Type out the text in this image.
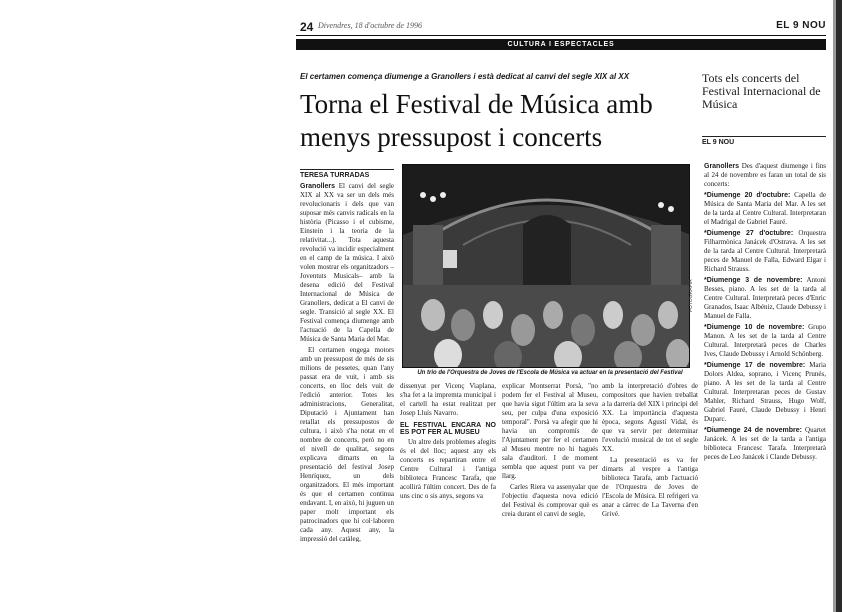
24 Divendres, 18 d'octubre de 1996	EL 9 NOU
CULTURA I ESPECTACLES
El certamen comença diumenge a Granollers i està dedicat al canvi del segle XIX al XX
Torna el Festival de Música amb
menys pressupost i concerts
Tots els concerts del Festival Internacional de Música
EL 9 NOU
TERESA TURRADAS

Granollers El canvi del segle XIX al XX va ser un dels més revolucionaris i dels que van suposar més canvis radicals en la història (Picasso i el cubisme, Einstein i la teoria de la relativitat...). Tota aquesta revolució va incidir especialment en el camp de la música. I això volen mostrar els organitzadors –Joventuts Musicals– amb la desena edició del Festival Internacional de Música de Granollers, dedicat a El canvi de segle. Transició al segle XX. El Festival comença diumenge amb l'actuació de la Capella de Música de Santa Maria del Mar.

El certamen engega motors amb un pressupost de més de sis milions de pessetes, quan l'any passat era de vuit, i amb sis concerts, en lloc dels vuit de l'edició anterior. Totes les administracions, Generalitat, Diputació i Ajuntament han retallat els pressupostos de cultura, i això s'ha notat en el nombre de concerts, però no en el nivell de qualitat, segons explicava dimarts en la presentació del festival Josep Henríquez, un dels organitzadors. El més important és que el certamen continua endavant. I, en això, hi juguen un paper molt important els patrocinadors que hi col·laboren cada any. Aquest any, la impressió del catàleg,

FOTOGRAFIA
Un trio de l'Orquestra de Joves de l'Escola de Música va actuar en la presentació del Festival

dissenyat per Vicenç Viaplana, s'ha fet a la impremta municipal i el cartell ha estat realitzat per Josep Lluís Navarro.

EL FESTIVAL ENCARA NO ES POT FER AL MUSEU

Un altre dels problemes afegits és el del lloc; aquest any els concerts es repartiran entre el Centre Cultural i l'antiga biblioteca Francesc Tarafa, que acollirà l'últim concert. Des de fa uns cinc o sis anys, segons va

explicar Montserrat Porsà, "no podem fer el Festival al Museu, que havia sigut l'últim ara la seva seu, per culpa d'una exposició temporal". Porsà va afegir que hi havia un compromís de l'Ajuntament per fer el certamen al Museu mentre no hi hagués sala d'auditori. I de moment sembla que aquest punt va per llarg.

Carles Riera va assenyalar que l'objectiu d'aquesta nova edició del Festival és comprovar què es creia durant el canvi de segle,

amb la interpretació d'obres de compositors que havien treballat a la darreria del XIX i principi del XX. La importància d'aquesta època, segons Agustí Vidal, és que va servir per determinar l'evolució musical de tot el segle XX.

La presentació es va fer dimarts al vespre a l'antiga biblioteca Tarafa, amb l'actuació de l'Orquestra de Joves de l'Escola de Música. El refrigeri va anar a càrrec de La Taverna d'en Grivé.

Granollers Des d'aquest diumenge i fins al 24 de novembre es faran un total de sis concerts:

*Diumenge 20 d'octubre: Capella de Música de Santa Maria del Mar. A les set de la tarda al Centre Cultural. Interpretaran el Madrigal de Gabriel Fauré.

*Diumenge 27 d'octubre: Orquestra Filharmònica Janácek d'Ostrava. A les set de la tarda al Centre Cultural. Interpretarà peces de Manuel de Falla, Edward Elgar i Richard Strauss.

*Diumenge 3 de novembre: Antoni Besses, piano. A les set de la tarda al Centre Cultural. Interpretarà peces d'Enric Granados, Isaac Albéniz, Claude Debussy i Manuel de Falla.

*Diumenge 10 de novembre: Grupo Manon. A les set de la tarda al Centre Cultural. Interpretarà peces de Charles Ives, Claude Debussy i Arnold Schönberg.

*Diumenge 17 de novembre: Maria Dolors Aldea, soprano, i Vicenç Prunés, piano. A les set de la tarda al Centre Cultural. Interpretaran peces de Gustav Mahler, Richard Strauss, Hugo Wolf, Gabriel Fauré, Claude Debussy i Henri Duparc.

*Diumenge 24 de novembre: Quartet Janácek. A les set de la tarda a l'antiga biblioteca Francesc Tarafa. Interpretarà peces de Leo Janácek i Claude Debussy.
